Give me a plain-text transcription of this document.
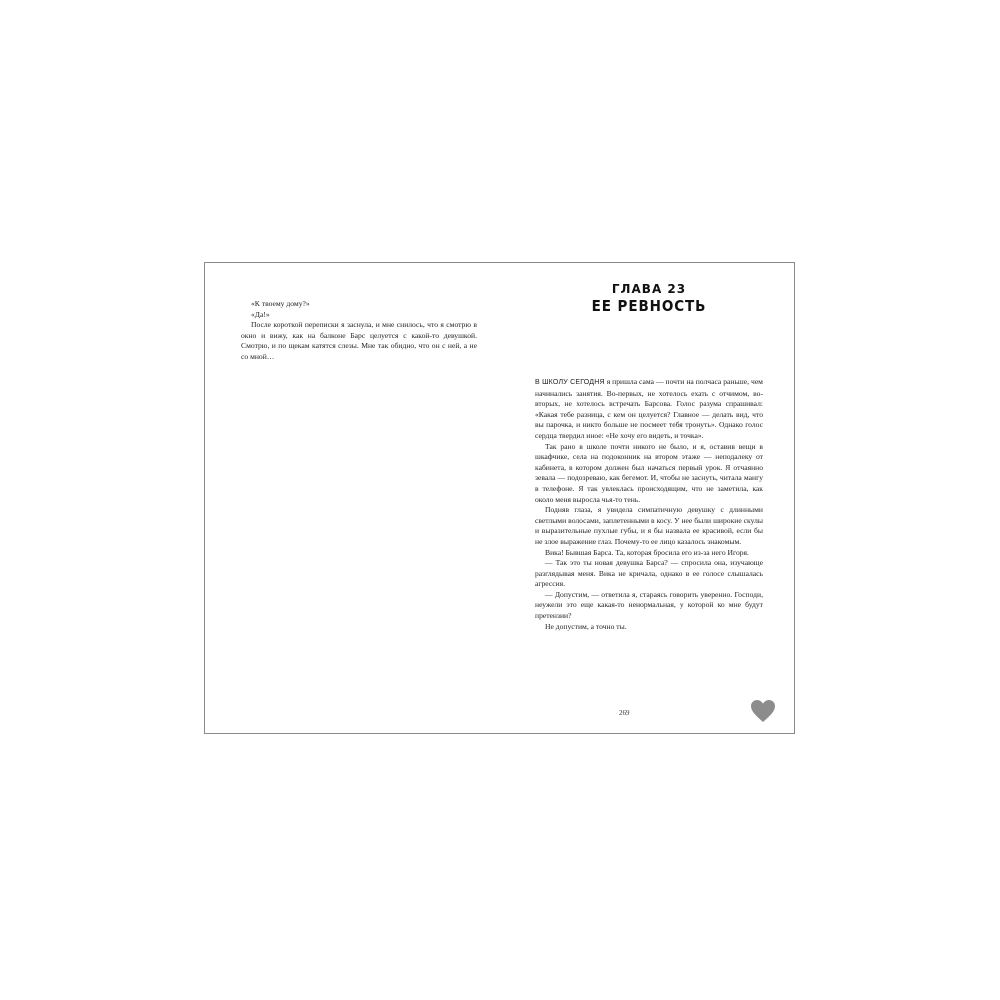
«К твоему дому?»

«Да!»

После короткой переписки я заснула, и мне снилось, что я смотрю в окно и вижу, как на балконе Барс целуется с какой-то девушкой. Смотрю, и по щекам катятся слезы. Мне так обидно, что он с ней, а не со мной…

ГЛАВА 23
ЕЕ РЕВНОСТЬ

В ШКОЛУ СЕГОДНЯ я пришла сама — почти на полчаса раньше, чем начинались занятия. Во-первых, не хотелось ехать с отчимом, во-вторых, не хотелось встречать Барсова. Голос разума спрашивал: «Какая тебе разница, с кем он целуется? Главное — делать вид, что вы парочка, и никто больше не посмеет тебя тронуть». Однако голос сердца твердил иное: «Не хочу его видеть, и точка».

Так рано в школе почти никого не было, и я, оставив вещи в шкафчике, села на подоконник на втором этаже — неподалеку от кабинета, в котором должен был начаться первый урок. Я отчаянно зевала — подозреваю, как бегемот. И, чтобы не заснуть, читала мангу в телефоне. Я так увлеклась происходящим, что не заметила, как около меня выросла чья-то тень.

Подняв глаза, я увидела симпатичную девушку с длинными светлыми волосами, заплетенными в косу. У нее были широкие скулы и выразительные пухлые губы, и я бы назвала ее красивой, если бы не злое выражение глаз. Почему-то ее лицо казалось знакомым.

Вика! Бывшая Барса. Та, которая бросила его из-за него Игоря.

— Так это ты новая девушка Барса? — спросила она, изучающе разглядывая меня. Вика не кричала, однако в ее голосе слышалась агрессия.

— Допустим, — ответила я, стараясь говорить уверенно. Господи, неужели это еще какая-то ненормальная, у которой ко мне будут претензии?

Не допустим, а точно ты.

269
